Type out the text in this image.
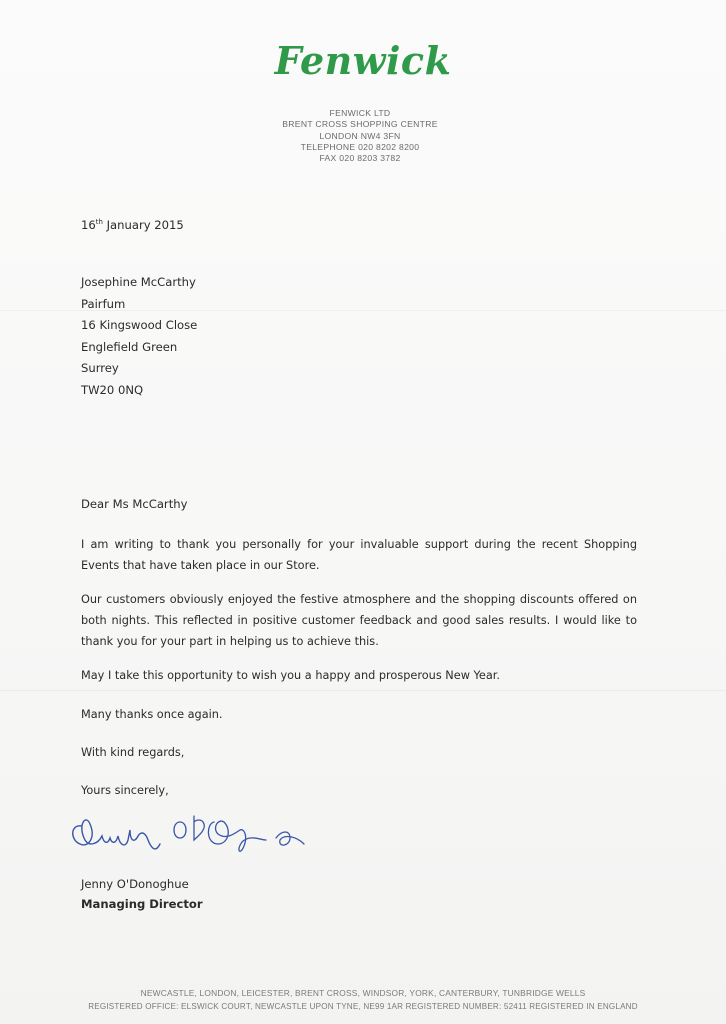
Fenwick
FENWICK LTD
BRENT CROSS SHOPPING CENTRE
LONDON NW4 3FN
TELEPHONE 020 8202 8200
FAX 020 8203 3782
16th January 2015
Josephine McCarthy
Pairfum
16 Kingswood Close
Englefield Green
Surrey
TW20 0NQ
Dear Ms McCarthy
I am writing to thank you personally for your invaluable support during the recent Shopping Events that have taken place in our Store.
Our customers obviously enjoyed the festive atmosphere and the shopping discounts offered on both nights. This reflected in positive customer feedback and good sales results. I would like to thank you for your part in helping us to achieve this.
May I take this opportunity to wish you a happy and prosperous New Year.
Many thanks once again.
With kind regards,
Yours sincerely,
Jenny O'Donoghue
Managing Director
NEWCASTLE, LONDON, LEICESTER, BRENT CROSS, WINDSOR, YORK, CANTERBURY, TUNBRIDGE WELLS
REGISTERED OFFICE: ELSWICK COURT, NEWCASTLE UPON TYNE, NE99 1AR REGISTERED NUMBER: 52411 REGISTERED IN ENGLAND
